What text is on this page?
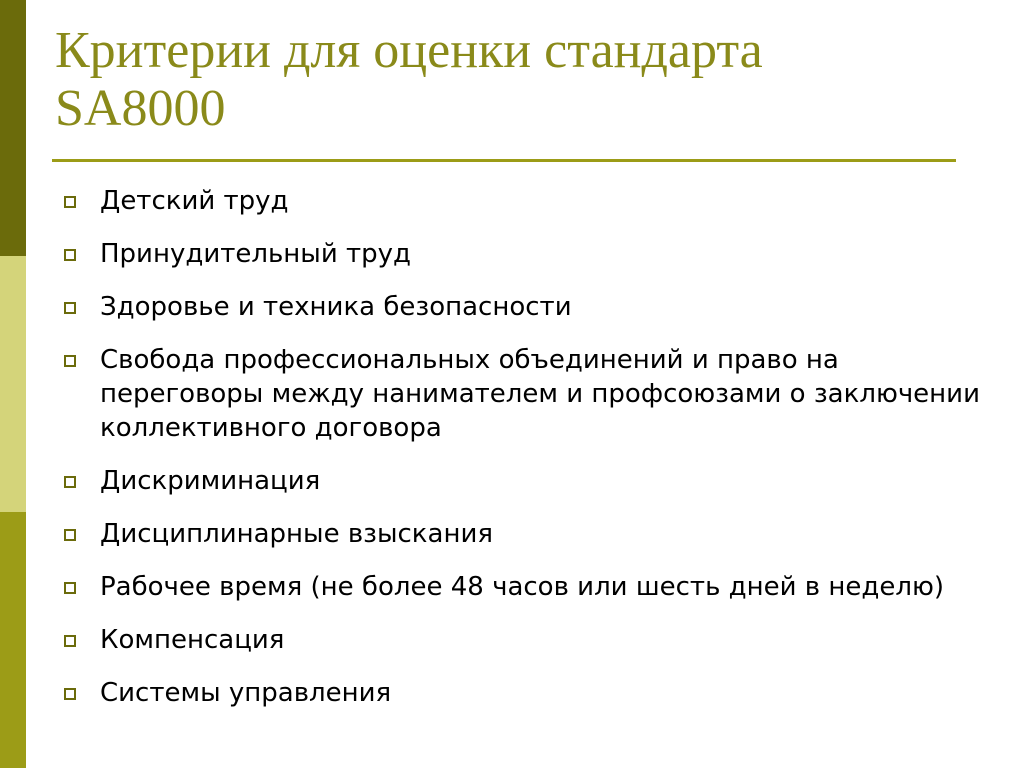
Критерии для оценки стандарта
SA8000
Детский труд
Принудительный труд
Здоровье и техника безопасности
Свобода профессиональных объединений и право на переговоры между нанимателем и профсоюзами о заключении коллективного договора
Дискриминация
Дисциплинарные взыскания
Рабочее время (не более 48 часов или шесть дней в неделю)
Компенсация
Системы управления
